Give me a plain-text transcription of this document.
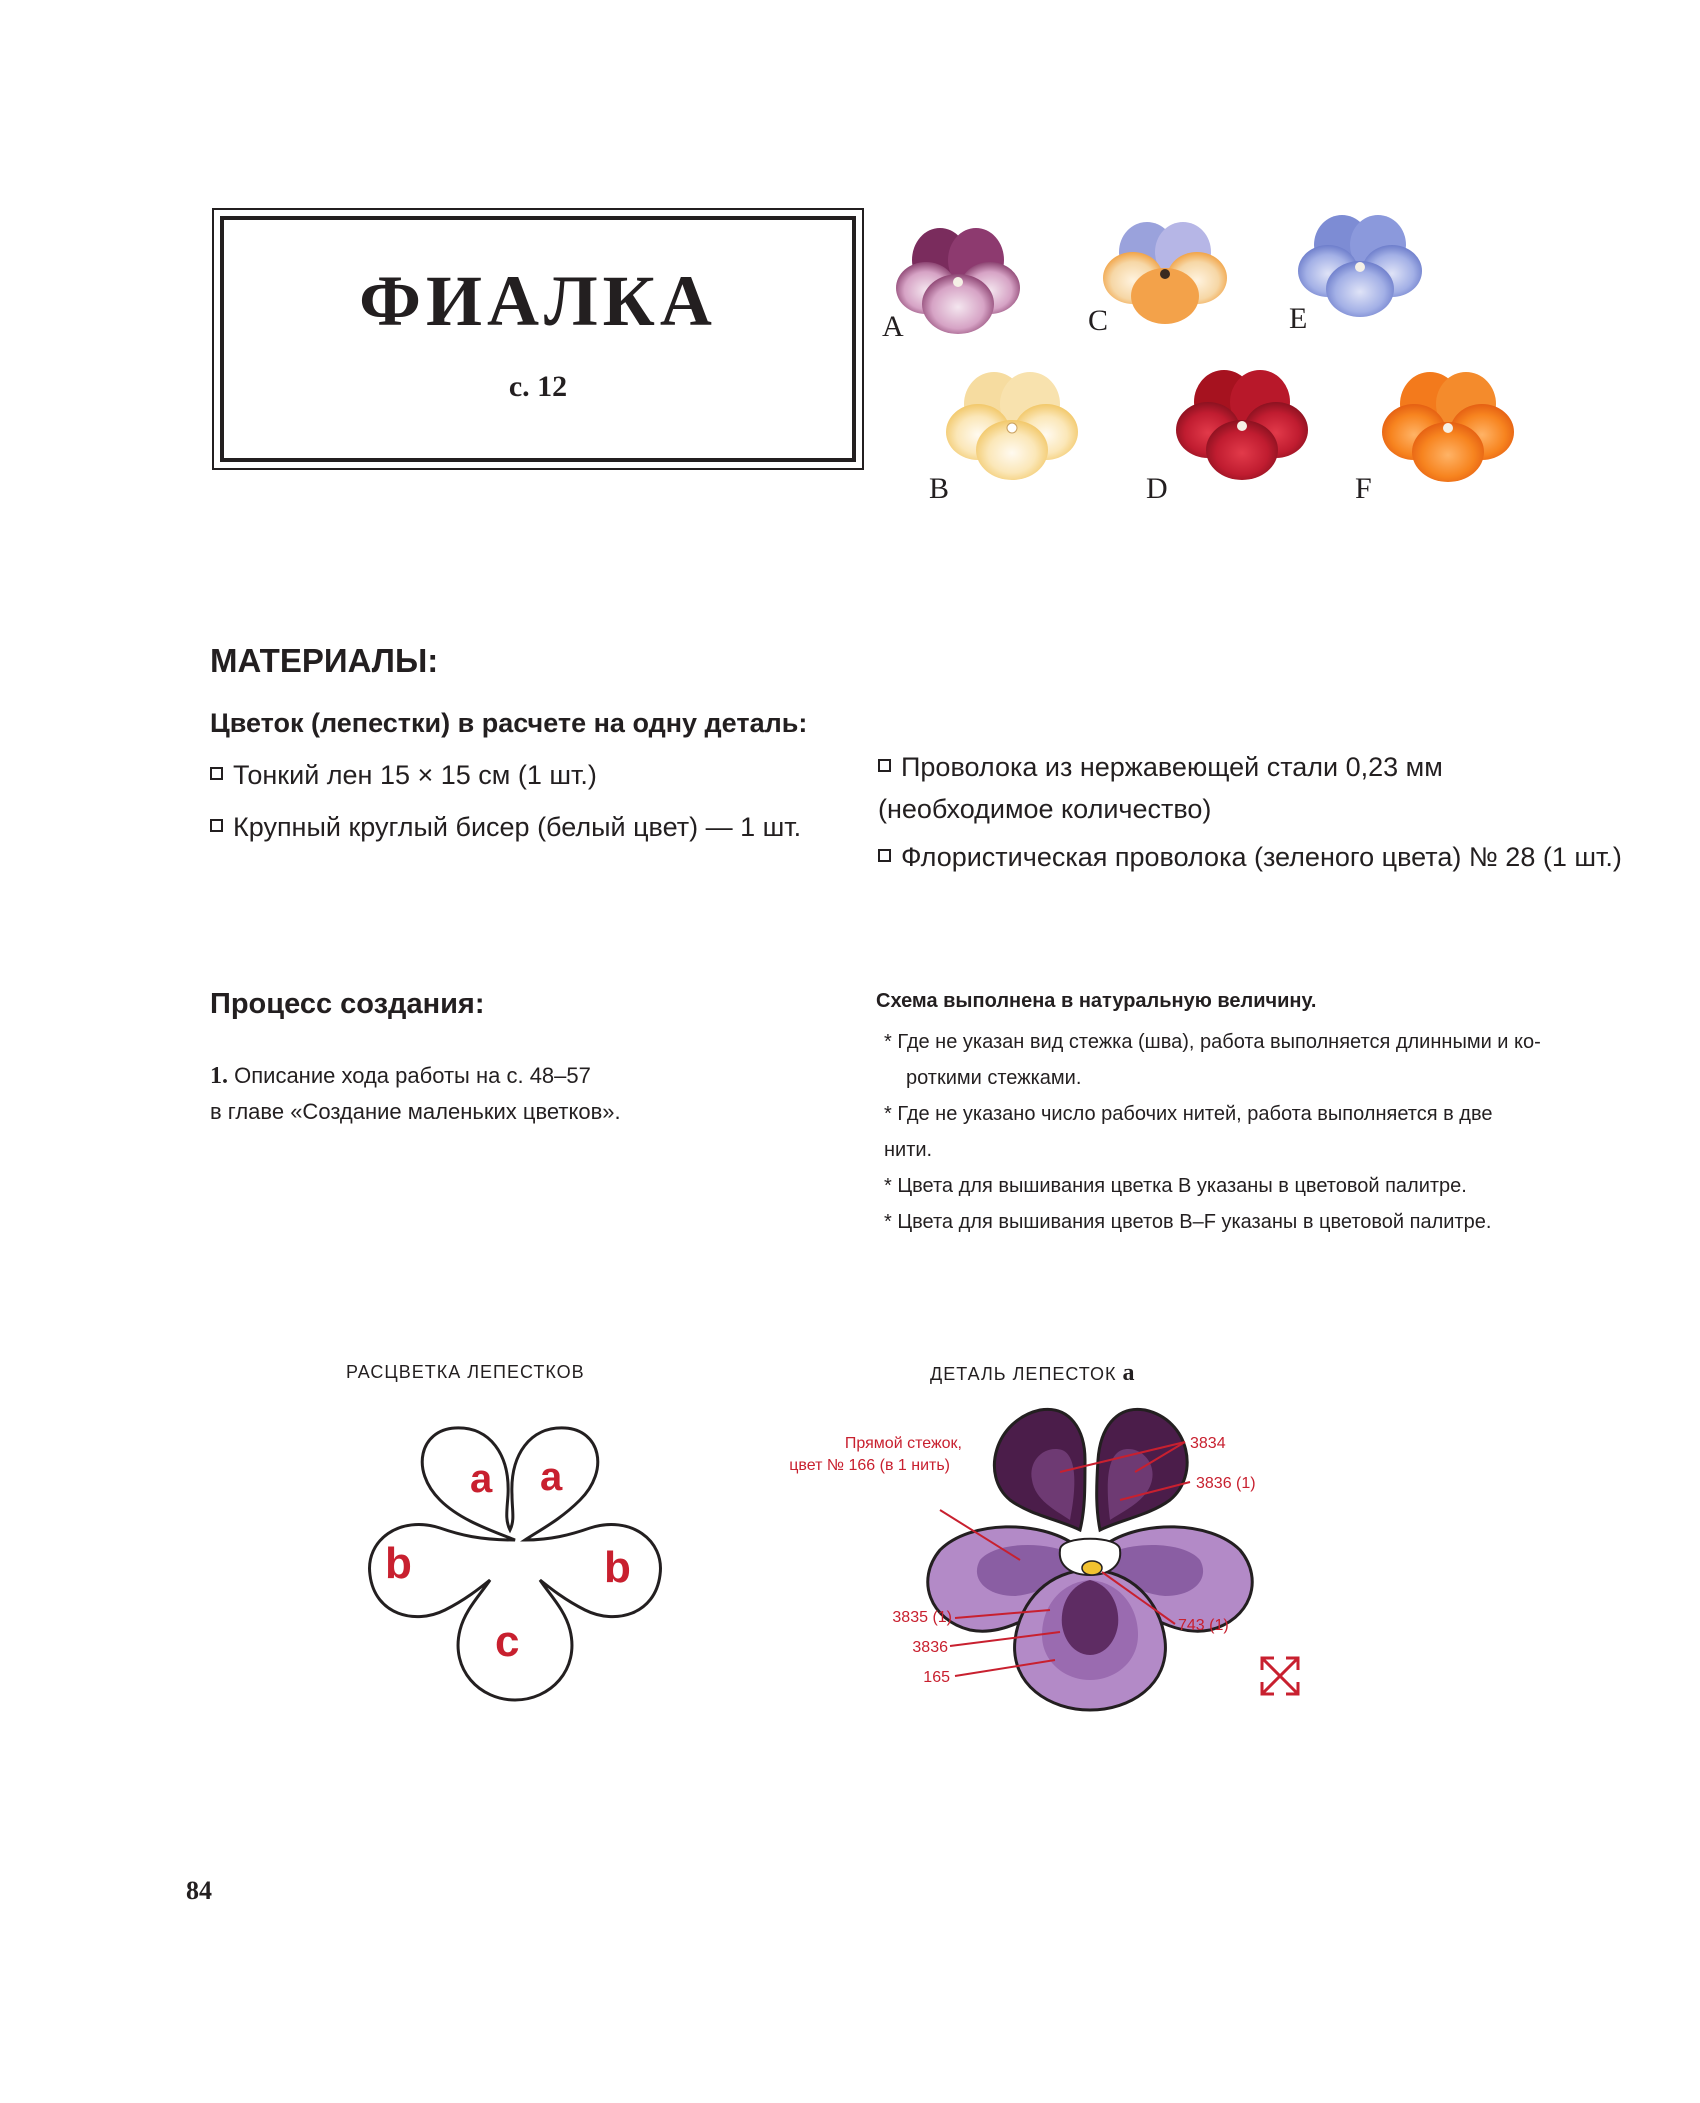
ФИАЛКА
с. 12
A
B
C
D
E
F
МАТЕРИАЛЫ:
Цветок (лепестки) в расчете на одну деталь:
Тонкий лен 15 × 15 см (1 шт.)
Крупный круглый бисер (белый цвет) — 1 шт.
Проволока из нержавеющей стали 0,23 мм
(необходимое количество)
Флористическая проволока (зеленого цвета) № 28 (1 шт.)
Процесс создания:
1. Описание хода работы на с. 48–57
в главе «Создание маленьких цветков».
Схема выполнена в натуральную величину.
* Где не указан вид стежка (шва), работа выполняется длинными и ко-
роткими стежками.
* Где не указано число рабочих нитей, работа выполняется в две нити.
* Цвета для вышивания цветка B указаны в цветовой палитре.
* Цвета для вышивания цветов B–F указаны в цветовой палитре.
РАСЦВЕТКА ЛЕПЕСТКОВ
a a
b	b
c
ДЕТАЛЬ ЛЕПЕСТОК a
Прямой стежок,
цвет № 166 (в 1 нить)
3834
3836 (1)
3835 (1)
3836
165
743 (1)
84
